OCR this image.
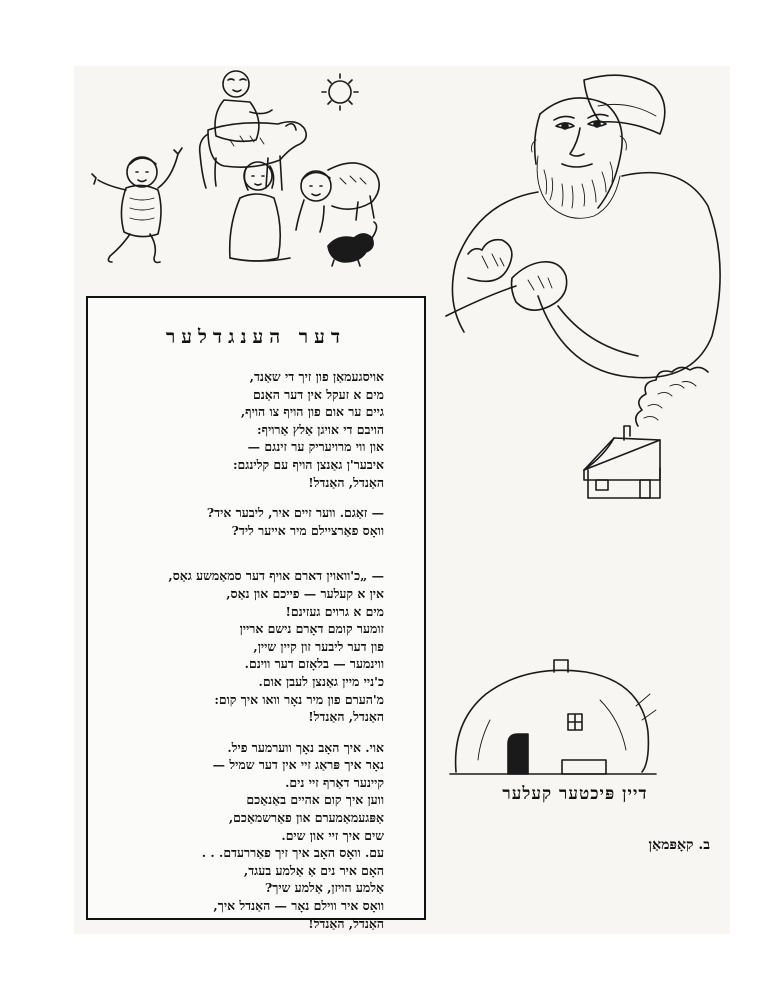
דער הענגדלער
אויסגעמאַן פון זיך די שאַנד,
מים א זעקל אין דער האַנם
גיים ער אום פון הויף צו הויף,
הויבם די אויגן אַלץ אַרויף:
און ווי מרויעריק ער זינגם —
איבער'ן גאַנצן הויף עם קלינגם:
האַנדל, האַנדל!
— זאַגם. ווער זיים איר, ליבער איד?
וואָס פאַרציילם מיר אייער ליד?
— „כ'וואוין דארם אויף דער סמאַמשע גאַס,
אין א קעלער — פייכם און נאַס,
מים א גרוים געזינם!
זומער קומם דאָרם נישם אריין
פון דער ליבער זון קיין שיין,
ווינמער — בלאָזם דער ווינם.
כ'ניי מיין גאַנצן לעבן אום.
מ'הערם פון מיר נאָר וואו איך קום:
האַנדל, האַנדל!
אוי. איך האָב נאָך ווערמער פיל.
נאָר איך פּראַג זיי אין דער שמיל —
קיינער דאַרף זיי נים.
ווען איך קום אהיים באַנאַכם
אַפּגעמאַמערם און פאַרשמאַכם,
שים איך זיי און שים.
עם. וואָס האָב איך זיך פאַררעדם. . .
האָם איר נים אַ אַלמע בעגד,
אַלמע הויזן, אַלמע שיך?
וואָס איר ווילם נאָר — האַנדל איך,
האַנדל, האַנדל!
דיין פּיכטער קעלער
ב. קאָפּמאַן
